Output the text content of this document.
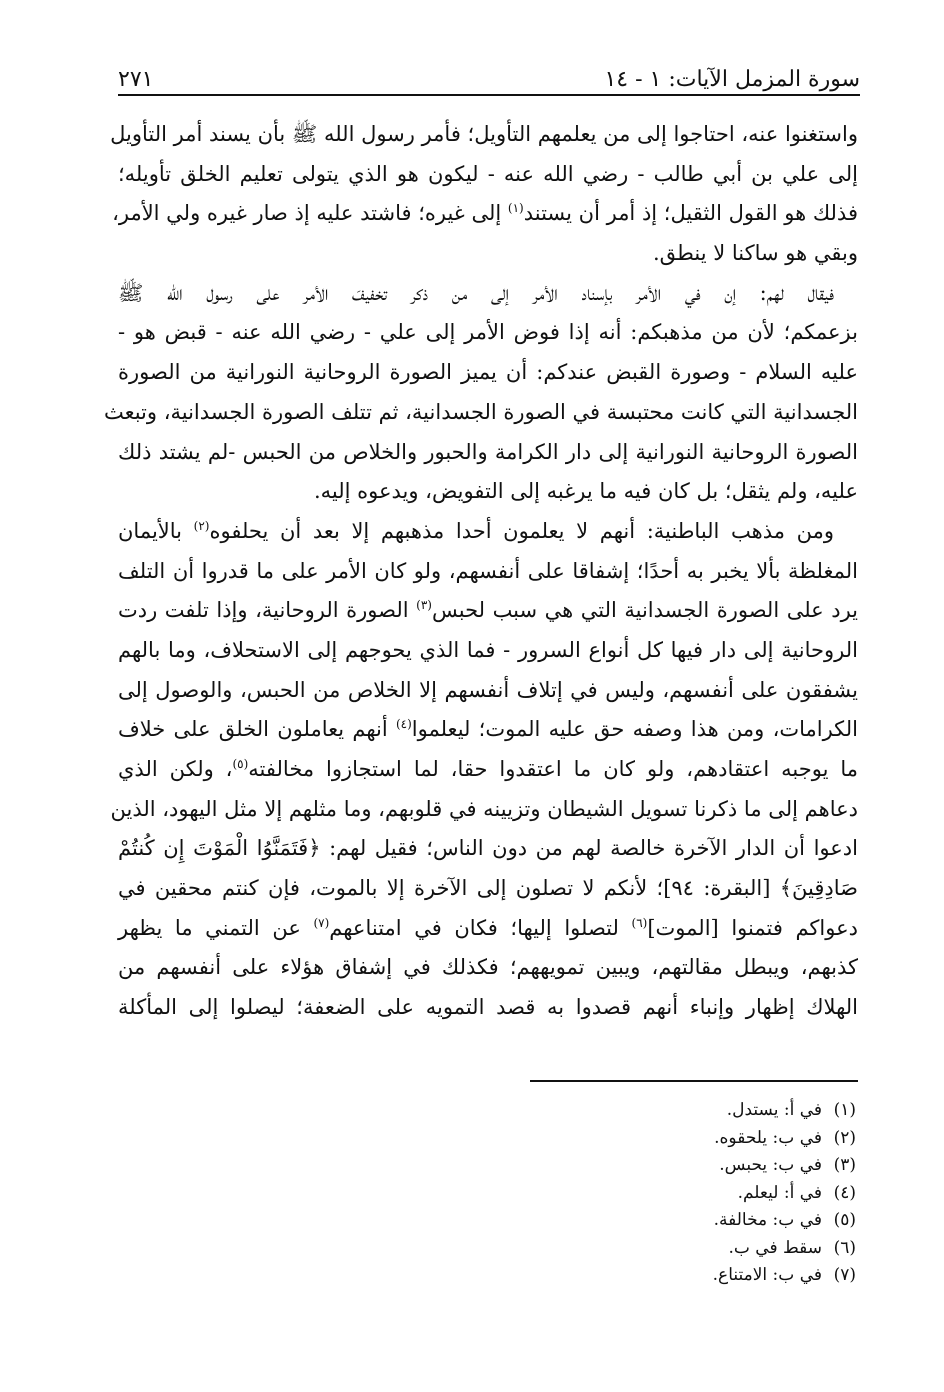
سورة المزمل الآيات: ١ - ١٤
٢٧١
واستغنوا عنه، احتاجوا إلى من يعلمهم التأويل؛ فأمر رسول الله ﷺ بأن يسند أمر التأويل
إلى علي بن أبي طالب - رضي الله عنه - ليكون هو الذي يتولى تعليم الخلق تأويله؛
فذلك هو القول الثقيل؛ إذ أمر أن يستند$^{(١)}$ إلى غيره؛ فاشتد عليه إذ صار غيره ولي الأمر،
وبقي هو ساكنا لا ينطق.
فيقال لهم: إن في الأمر بإسناد الأمر إلى من ذكر تخفيفَ الأمر على رسول الله ﷺ
بزعمكم؛ لأن من مذهبكم: أنه إذا فوض الأمر إلى علي - رضي الله عنه - قبض هو -
عليه السلام - وصورة القبض عندكم: أن يميز الصورة الروحانية النورانية من الصورة
الجسدانية التي كانت محتبسة في الصورة الجسدانية، ثم تتلف الصورة الجسدانية، وتبعث
الصورة الروحانية النورانية إلى دار الكرامة والحبور والخلاص من الحبس -لم يشتد ذلك
عليه، ولم يثقل؛ بل كان فيه ما يرغبه إلى التفويض، ويدعوه إليه.
ومن مذهب الباطنية: أنهم لا يعلمون أحدا مذهبهم إلا بعد أن يحلفوه$^{(٢)}$ بالأيمان
المغلظة بألا يخبر به أحدًا؛ إشفاقا على أنفسهم، ولو كان الأمر على ما قدروا أن التلف
يرد على الصورة الجسدانية التي هي سبب لحبس$^{(٣)}$ الصورة الروحانية، وإذا تلفت ردت
الروحانية إلى دار فيها كل أنواع السرور - فما الذي يحوجهم إلى الاستحلاف، وما بالهم
يشفقون على أنفسهم، وليس في إتلاف أنفسهم إلا الخلاص من الحبس، والوصول إلى
الكرامات، ومن هذا وصفه حق عليه الموت؛ ليعلموا$^{(٤)}$ أنهم يعاملون الخلق على خلاف
ما يوجبه اعتقادهم، ولو كان ما اعتقدوا حقا، لما استجازوا مخالفته$^{(٥)}$، ولكن الذي
دعاهم إلى ما ذكرنا تسويل الشيطان وتزيينه في قلوبهم، وما مثلهم إلا مثل اليهود، الذين
ادعوا أن الدار الآخرة خالصة لهم من دون الناس؛ فقيل لهم: ﴿فَتَمَنَّوُا الْمَوْتَ إِن كُنتُمْ
صَادِقِينَ﴾ [البقرة: ٩٤]؛ لأنكم لا تصلون إلى الآخرة إلا بالموت، فإن كنتم محقين في
دعواكم فتمنوا [الموت]$^{(٦)}$ لتصلوا إليها؛ فكان في امتناعهم$^{(٧)}$ عن التمني ما يظهر
كذبهم، ويبطل مقالتهم، ويبين تمويههم؛ فكذلك في إشفاق هؤلاء على أنفسهم من
الهلاك إظهار وإنباء أنهم قصدوا به قصد التمويه على الضعفة؛ ليصلوا إلى المأكلة
(١)في أ: يستدل.
(٢)في ب: يلحقوه.
(٣)في ب: يحبس.
(٤)في أ: ليعلم.
(٥)في ب: مخالفة.
(٦)سقط في ب.
(٧)في ب: الامتناع.
